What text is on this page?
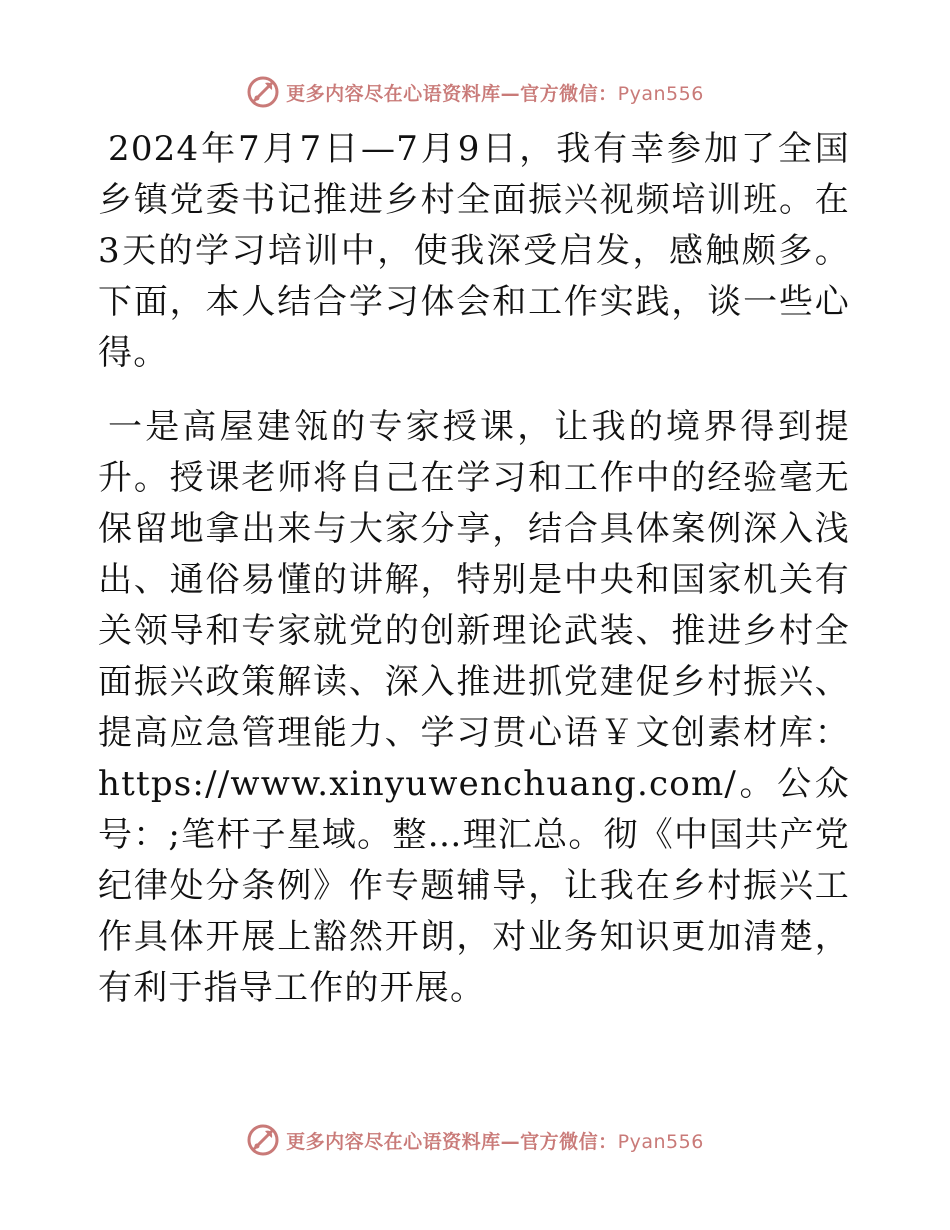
更多内容尽在心语资料库—官方微信：Pyan556

2024年7月7日—7月9日，我有幸参加了全国乡镇党委书记推进乡村全面振兴视频培训班。在3天的学习培训中，使我深受启发，感触颇多。下面，本人结合学习体会和工作实践，谈一些心得。

一是高屋建瓴的专家授课，让我的境界得到提升。授课老师将自己在学习和工作中的经验毫无保留地拿出来与大家分享，结合具体案例深入浅出、通俗易懂的讲解，特别是中央和国家机关有关领导和专家就党的创新理论武装、推进乡村全面振兴政策解读、深入推进抓党建促乡村振兴、提高应急管理能力、学习贯心语￥文创素材库：https://www.xinyuwenchuang.com/。公众号：;笔杆子星域。整…理汇总。彻《中国共产党纪律处分条例》作专题辅导，让我在乡村振兴工作具体开展上豁然开朗，对业务知识更加清楚，有利于指导工作的开展。

更多内容尽在心语资料库—官方微信：Pyan556
